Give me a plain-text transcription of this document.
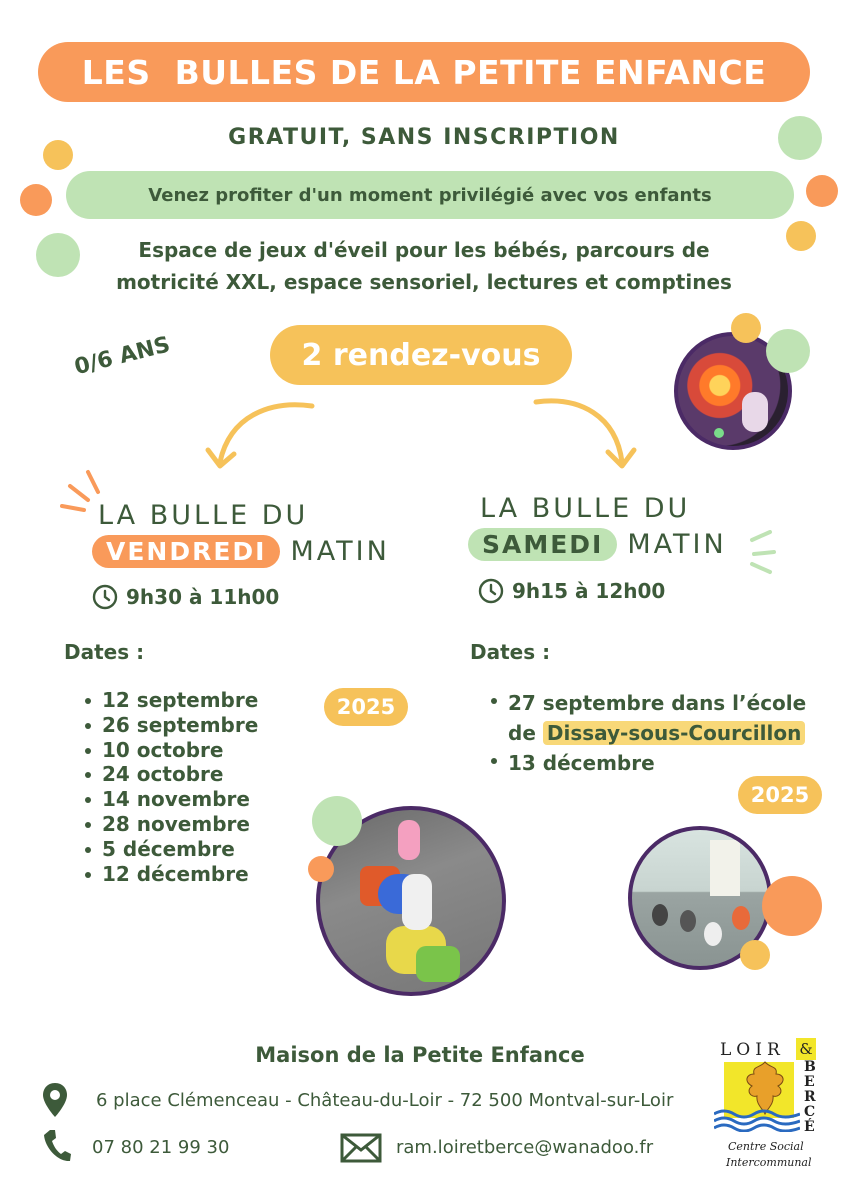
LES  BULLES DE LA PETITE ENFANCE
GRATUIT, SANS INSCRIPTION
Venez profiter d'un moment privilégié avec vos enfants
Espace de jeux d'éveil pour les bébés, parcours de
motricité XXL, espace sensoriel, lectures et comptines
2 rendez-vous
0/6 ANS
LA BULLE DU
VENDREDI MATIN
9h30 à 11h00
Dates :
12 septembre
26 septembre
10 octobre
24 octobre
14 novembre
28 novembre
5 décembre
12 décembre
2025
LA BULLE DU
SAMEDI MATIN
9h15 à 12h00
Dates :
27 septembre dans l’école
de Dissay-sous-Courcillon
13 décembre
2025
Maison de la Petite Enfance
6 place Clémenceau - Château-du-Loir - 72 500 Montval-sur-Loir
07 80 21 99 30	ram.loiretberce@wanadoo.fr
LOIR &
BERCÉ
Centre Social
Intercommunal
